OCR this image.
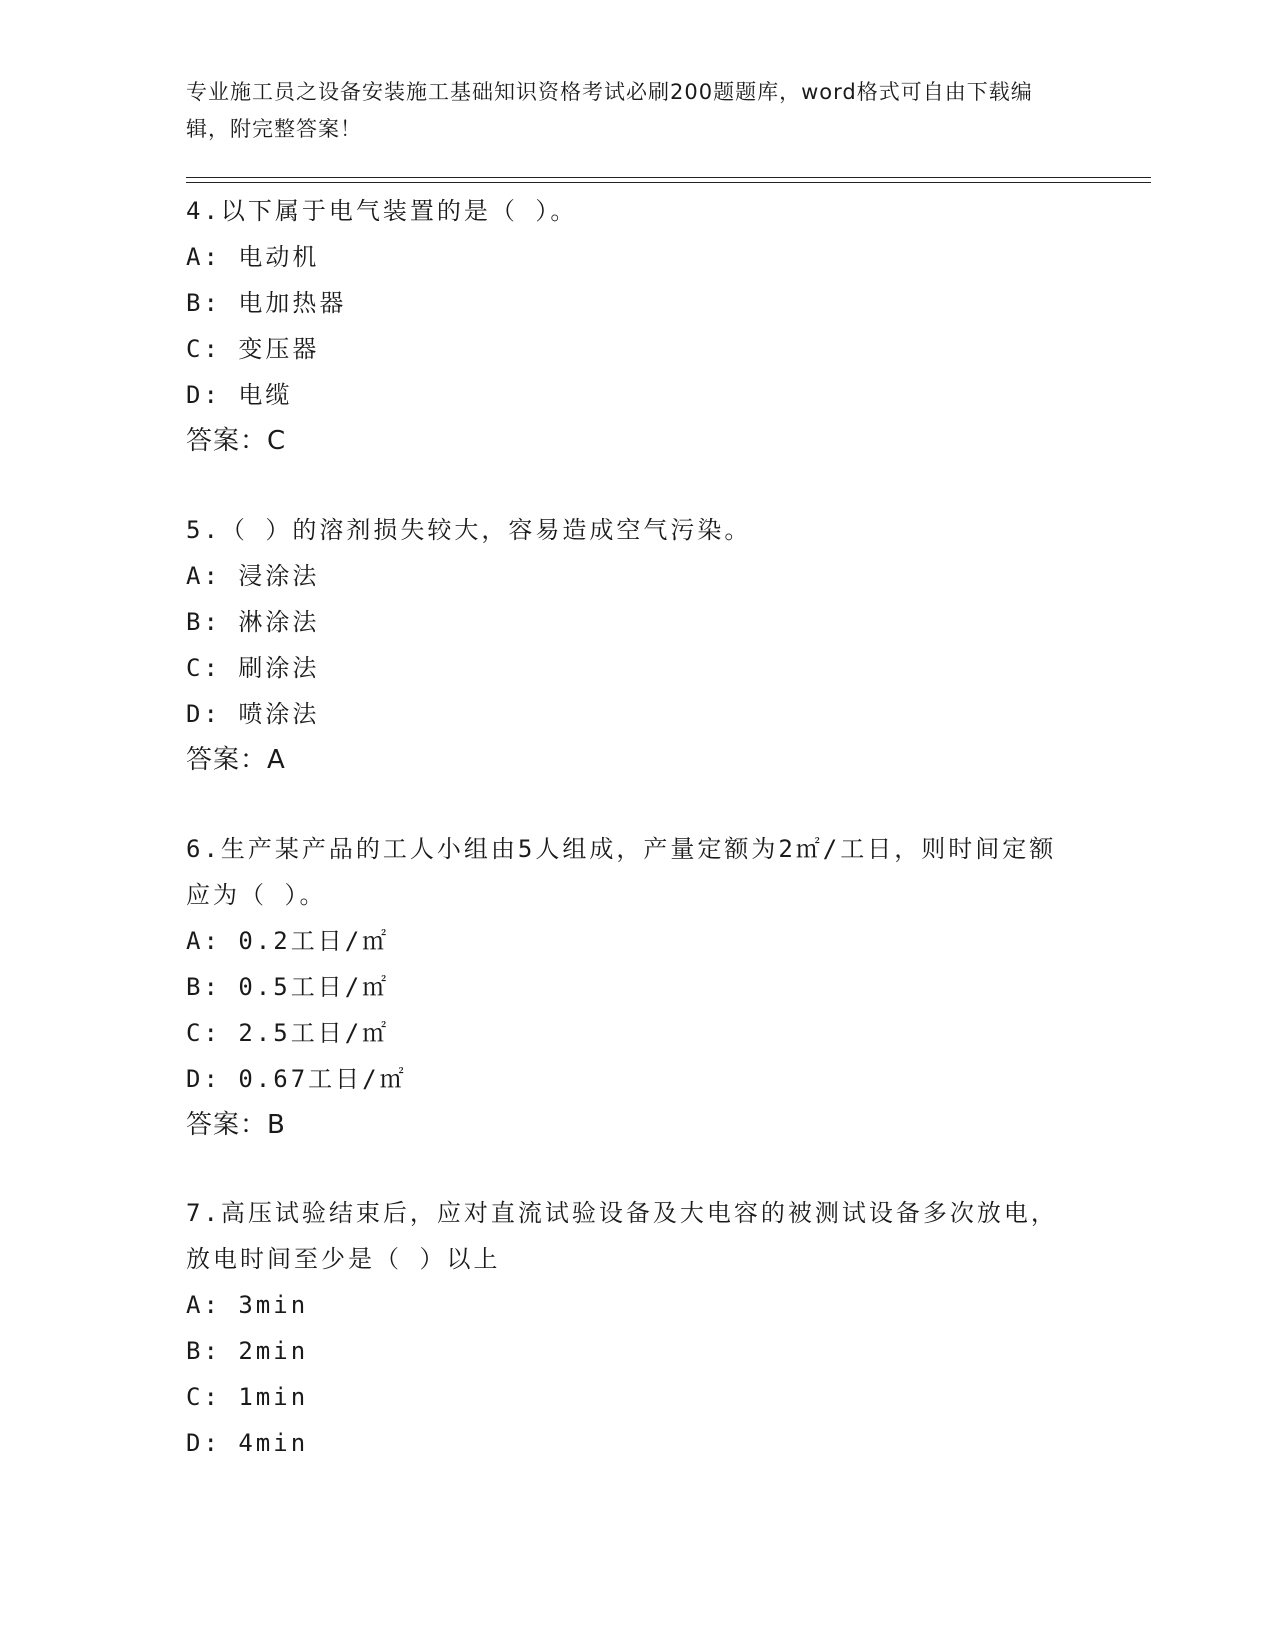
专业施工员之设备安装施工基础知识资格考试必刷200题题库，word格式可自由下载编辑，附完整答案！
4.以下属于电气装置的是（ ）。
A: 电动机
B: 电加热器
C: 变压器
D: 电缆
答案：C
5.（ ）的溶剂损失较大，容易造成空气污染。
A: 浸涂法
B: 淋涂法
C: 刷涂法
D: 喷涂法
答案：A
6.生产某产品的工人小组由5人组成，产量定额为2㎡/工日，则时间定额应为（ ）。
A: 0.2工日/㎡
B: 0.5工日/㎡
C: 2.5工日/㎡
D: 0.67工日/㎡
答案：B
7.高压试验结束后，应对直流试验设备及大电容的被测试设备多次放电，放电时间至少是（ ）以上
A: 3min
B: 2min
C: 1min
D: 4min
